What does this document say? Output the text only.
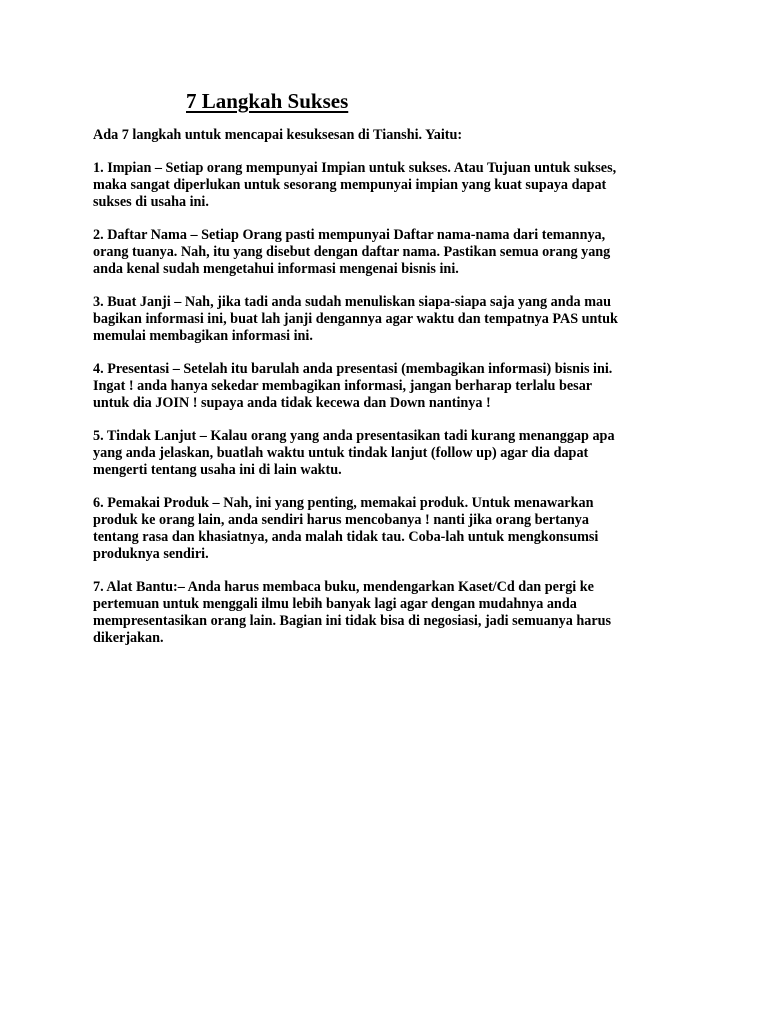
7 Langkah Sukses

Ada 7 langkah untuk mencapai kesuksesan di Tianshi. Yaitu:

1. Impian – Setiap orang mempunyai Impian untuk sukses. Atau Tujuan untuk sukses,
maka sangat diperlukan untuk sesorang mempunyai impian yang kuat supaya dapat
sukses di usaha ini.

2. Daftar Nama – Setiap Orang pasti mempunyai Daftar nama-nama dari temannya,
orang tuanya. Nah, itu yang disebut dengan daftar nama. Pastikan semua orang yang
anda kenal sudah mengetahui informasi mengenai bisnis ini.

3. Buat Janji – Nah, jika tadi anda sudah menuliskan siapa-siapa saja yang anda mau
bagikan informasi ini, buat lah janji dengannya agar waktu dan tempatnya PAS untuk
memulai membagikan informasi ini.

4. Presentasi – Setelah itu barulah anda presentasi (membagikan informasi) bisnis ini.
Ingat ! anda hanya sekedar membagikan informasi, jangan berharap terlalu besar
untuk dia JOIN ! supaya anda tidak kecewa dan Down nantinya !

5. Tindak Lanjut – Kalau orang yang anda presentasikan tadi kurang menanggap apa
yang anda jelaskan, buatlah waktu untuk tindak lanjut (follow up) agar dia dapat
mengerti tentang usaha ini di lain waktu.

6. Pemakai Produk – Nah, ini yang penting, memakai produk. Untuk menawarkan
produk ke orang lain, anda sendiri harus mencobanya ! nanti jika orang bertanya
tentang rasa dan khasiatnya, anda malah tidak tau. Coba-lah untuk mengkonsumsi
produknya sendiri.

7. Alat Bantu:– Anda harus membaca buku, mendengarkan Kaset/Cd dan pergi ke
pertemuan untuk menggali ilmu lebih banyak lagi agar dengan mudahnya anda
mempresentasikan orang lain. Bagian ini tidak bisa di negosiasi, jadi semuanya harus
dikerjakan.
